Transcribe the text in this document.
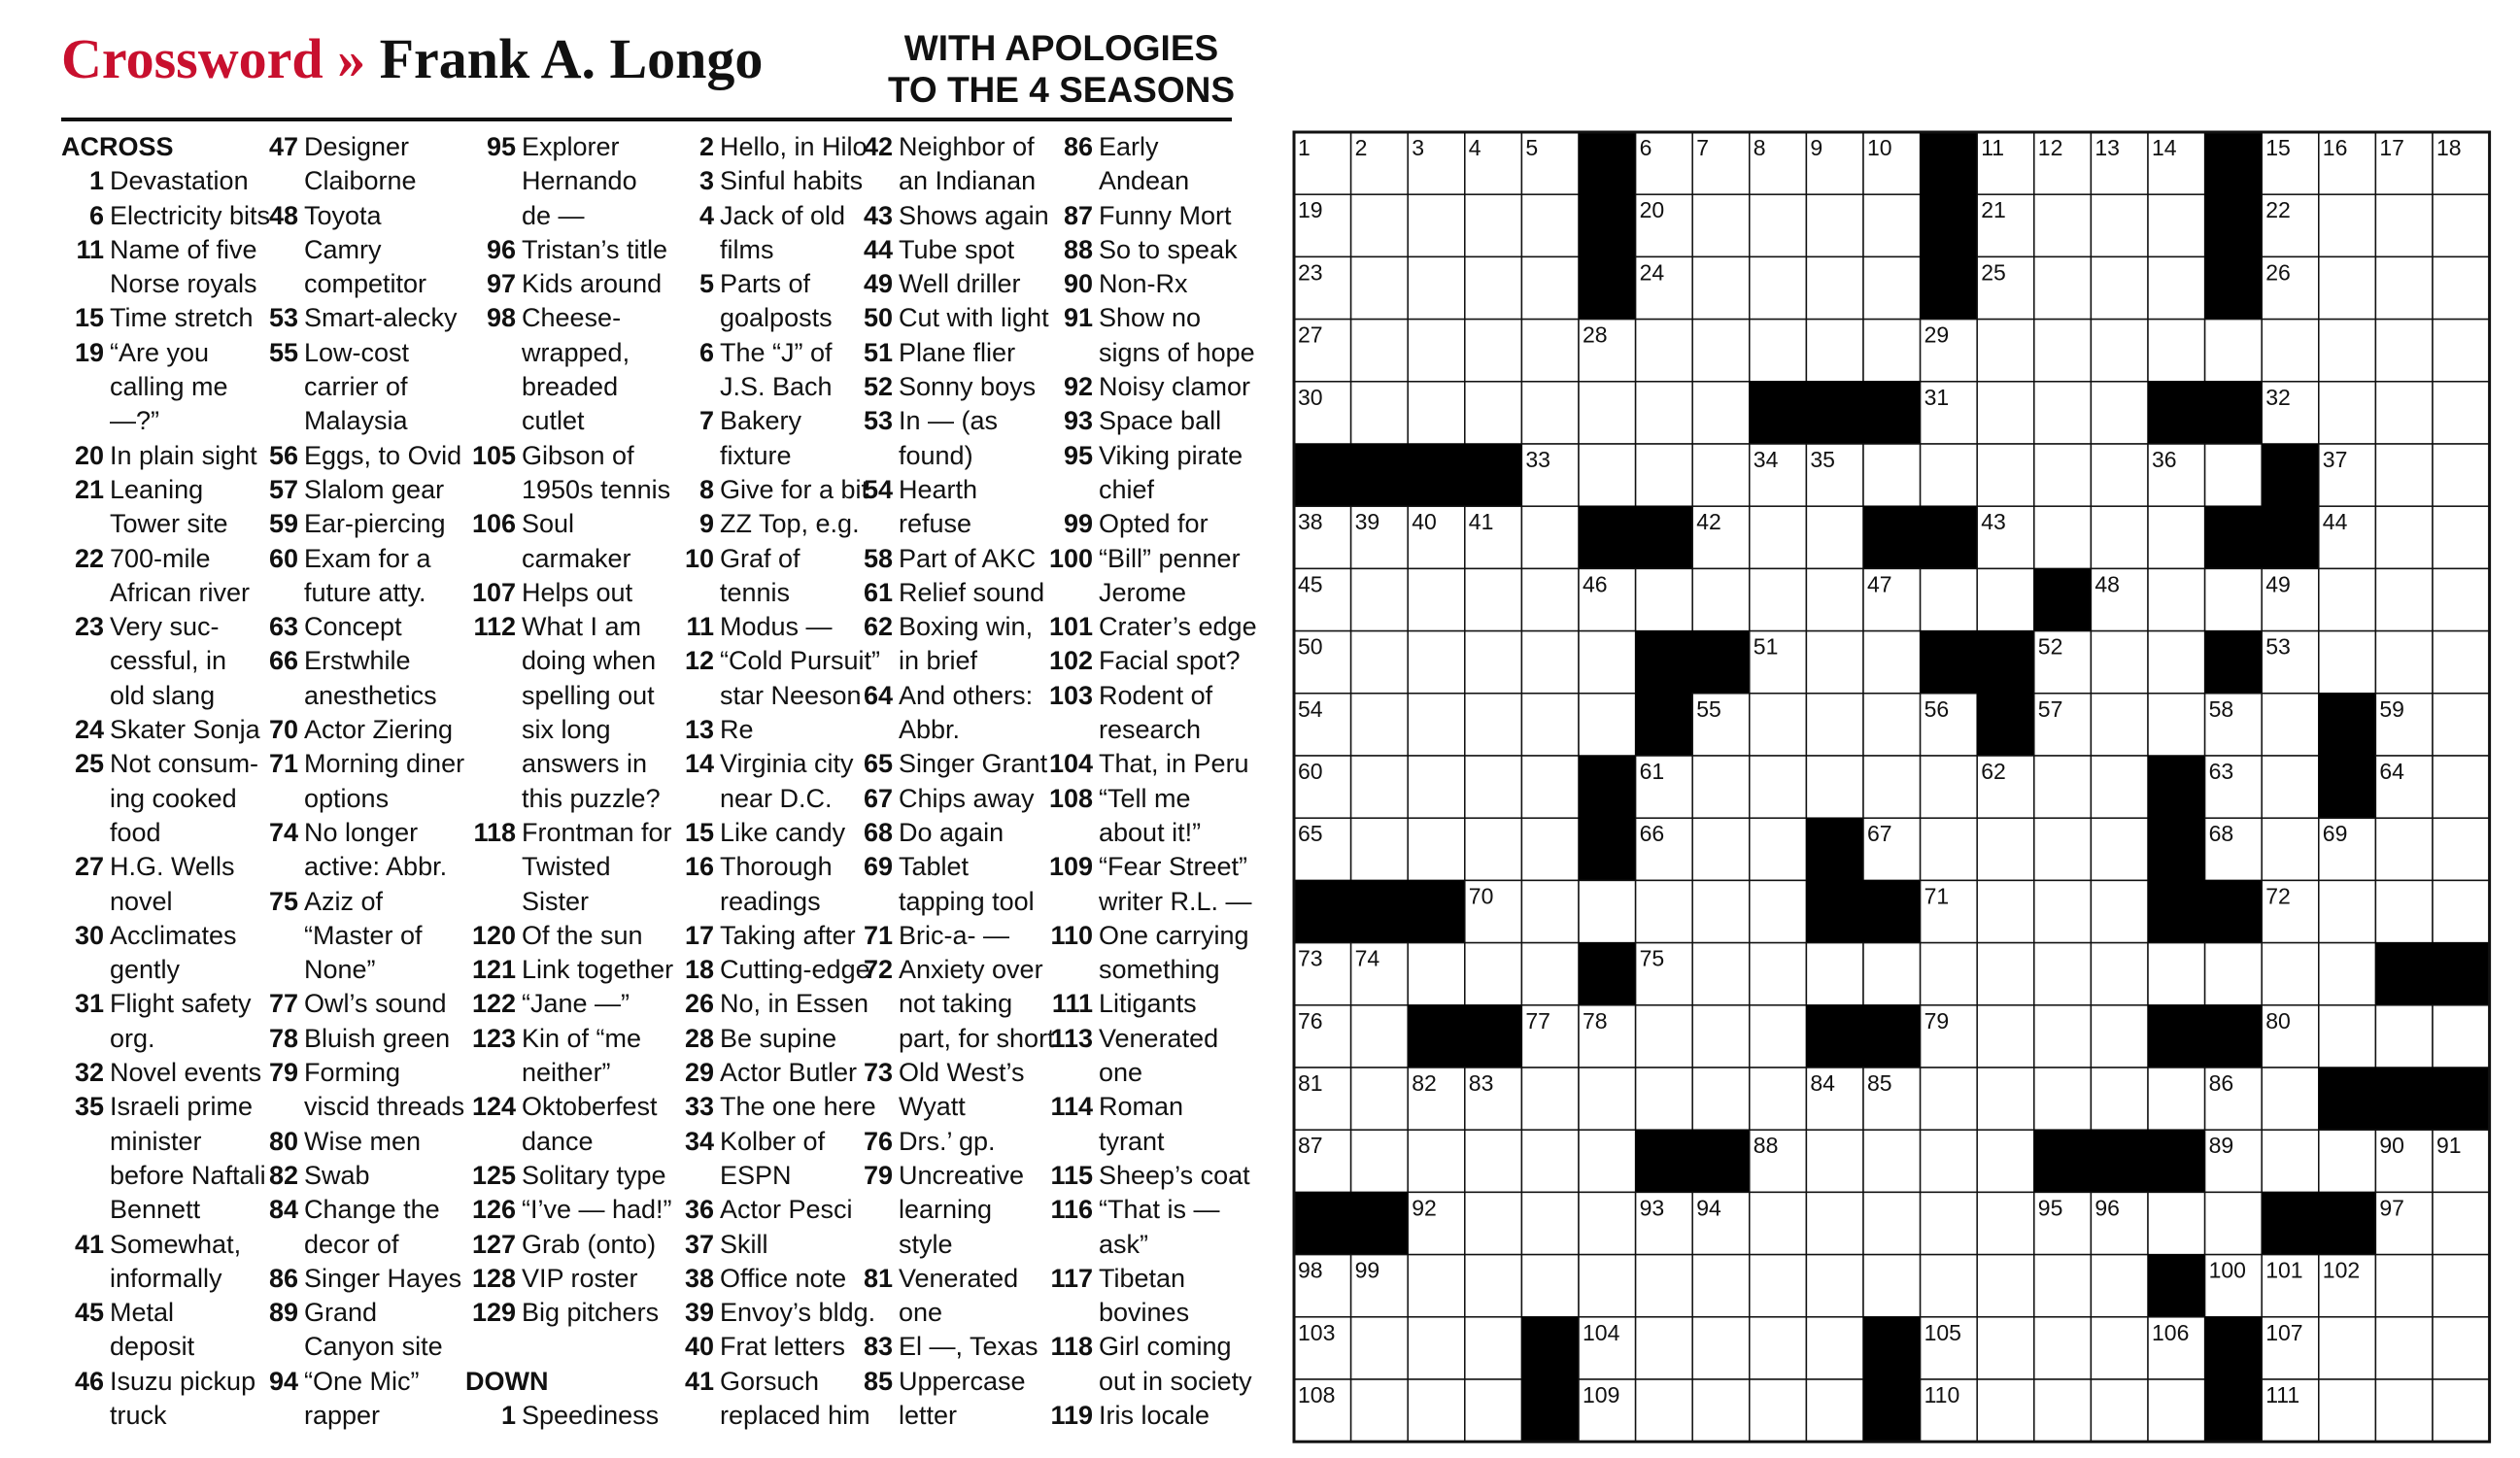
Crossword » Frank A. Longo	WITH APOLOGIES
TO THE 4 SEASONS
ACROSS
1 Devastation
6 Electricity bits
11 Name of five
Norse royals
15 Time stretch
19 “Are you
calling me
—?”
20 In plain sight
21 Leaning
Tower site
22 700-mile
African river
23 Very suc-
cessful, in
old slang
24 Skater Sonja
25 Not consum-
ing cooked
food
27 H.G. Wells
novel
30 Acclimates
gently
31 Flight safety
org.
32 Novel events
35 Israeli prime
minister
before Naftali
Bennett
41 Somewhat,
informally
45 Metal
deposit
46 Isuzu pickup
truck
47 Designer
Claiborne
48 Toyota
Camry
competitor
53 Smart-alecky
55 Low-cost
carrier of
Malaysia
56 Eggs, to Ovid
57 Slalom gear
59 Ear-piercing
60 Exam for a
future atty.
63 Concept
66 Erstwhile
anesthetics
70 Actor Ziering
71 Morning diner
options
74 No longer
active: Abbr.
75 Aziz of
“Master of
None”
77 Owl’s sound
78 Bluish green
79 Forming
viscid threads
80 Wise men
82 Swab
84 Change the
decor of
86 Singer Hayes
89 Grand
Canyon site
94 “One Mic”
rapper
95 Explorer
Hernando
de —
96 Tristan’s title
97 Kids around
98 Cheese-
wrapped,
breaded
cutlet
105 Gibson of
1950s tennis
106 Soul
carmaker
107 Helps out
112 What I am
doing when
spelling out
six long
answers in
this puzzle?
118 Frontman for
Twisted
Sister
120 Of the sun
121 Link together
122 “Jane —”
123 Kin of “me
neither”
124 Oktoberfest
dance
125 Solitary type
126 “I’ve — had!”
127 Grab (onto)
128 VIP roster
129 Big pitchers
DOWN
1 Speediness
2 Hello, in Hilo
3 Sinful habits
4 Jack of old
films
5 Parts of
goalposts
6 The “J” of
J.S. Bach
7 Bakery
fixture
8 Give for a bit
9 ZZ Top, e.g.
10 Graf of
tennis
11 Modus —
12 “Cold Pursuit”
star Neeson
13 Re
14 Virginia city
near D.C.
15 Like candy
16 Thorough
readings
17 Taking after
18 Cutting-edge
26 No, in Essen
28 Be supine
29 Actor Butler
33 The one here
34 Kolber of
ESPN
36 Actor Pesci
37 Skill
38 Office note
39 Envoy’s bldg.
40 Frat letters
41 Gorsuch
replaced him
42 Neighbor of
an Indianan
43 Shows again
44 Tube spot
49 Well driller
50 Cut with light
51 Plane flier
52 Sonny boys
53 In — (as
found)
54 Hearth
refuse
58 Part of AKC
61 Relief sound
62 Boxing win,
in brief
64 And others:
Abbr.
65 Singer Grant
67 Chips away
68 Do again
69 Tablet
tapping tool
71 Bric-a- —
72 Anxiety over
not taking
part, for short
73 Old West’s
Wyatt
76 Drs.’ gp.
79 Uncreative
learning
style
81 Venerated
one
83 El —, Texas
85 Uppercase
letter
86 Early
Andean
87 Funny Mort
88 So to speak
90 Non-Rx
91 Show no
signs of hope
92 Noisy clamor
93 Space ball
95 Viking pirate
chief
99 Opted for
100 “Bill” penner
Jerome
101 Crater’s edge
102 Facial spot?
103 Rodent of
research
104 That, in Peru
108 “Tell me
about it!”
109 “Fear Street”
writer R.L. —
110 One carrying
something
111 Litigants
113 Venerated
one
114 Roman
tyrant
115 Sheep’s coat
116 “That is —
ask”
117 Tibetan
bovines
118 Girl coming
out in society
119 Iris locale
1 2 3 4 5	6 7 8 9 10	11 12 13 14	15 16 17 18
19	20	21	22
23	24	25	26
27	28	29
30	31	32
33	34 35	36	37
38 39 40 41	42	43	44
45	46	47	48	49
50	51	52	53
54	55	56	57	58	59
60	61	62	63	64
65	66	67	68	69
70	71	72
73 74	75
76	77 78	79	80
81	82 83	84 85	86
87	88	89	90 91
92	93 94	95 96	97
98 99	100 101 102
103	104	105	106	107
108	109	110	111
